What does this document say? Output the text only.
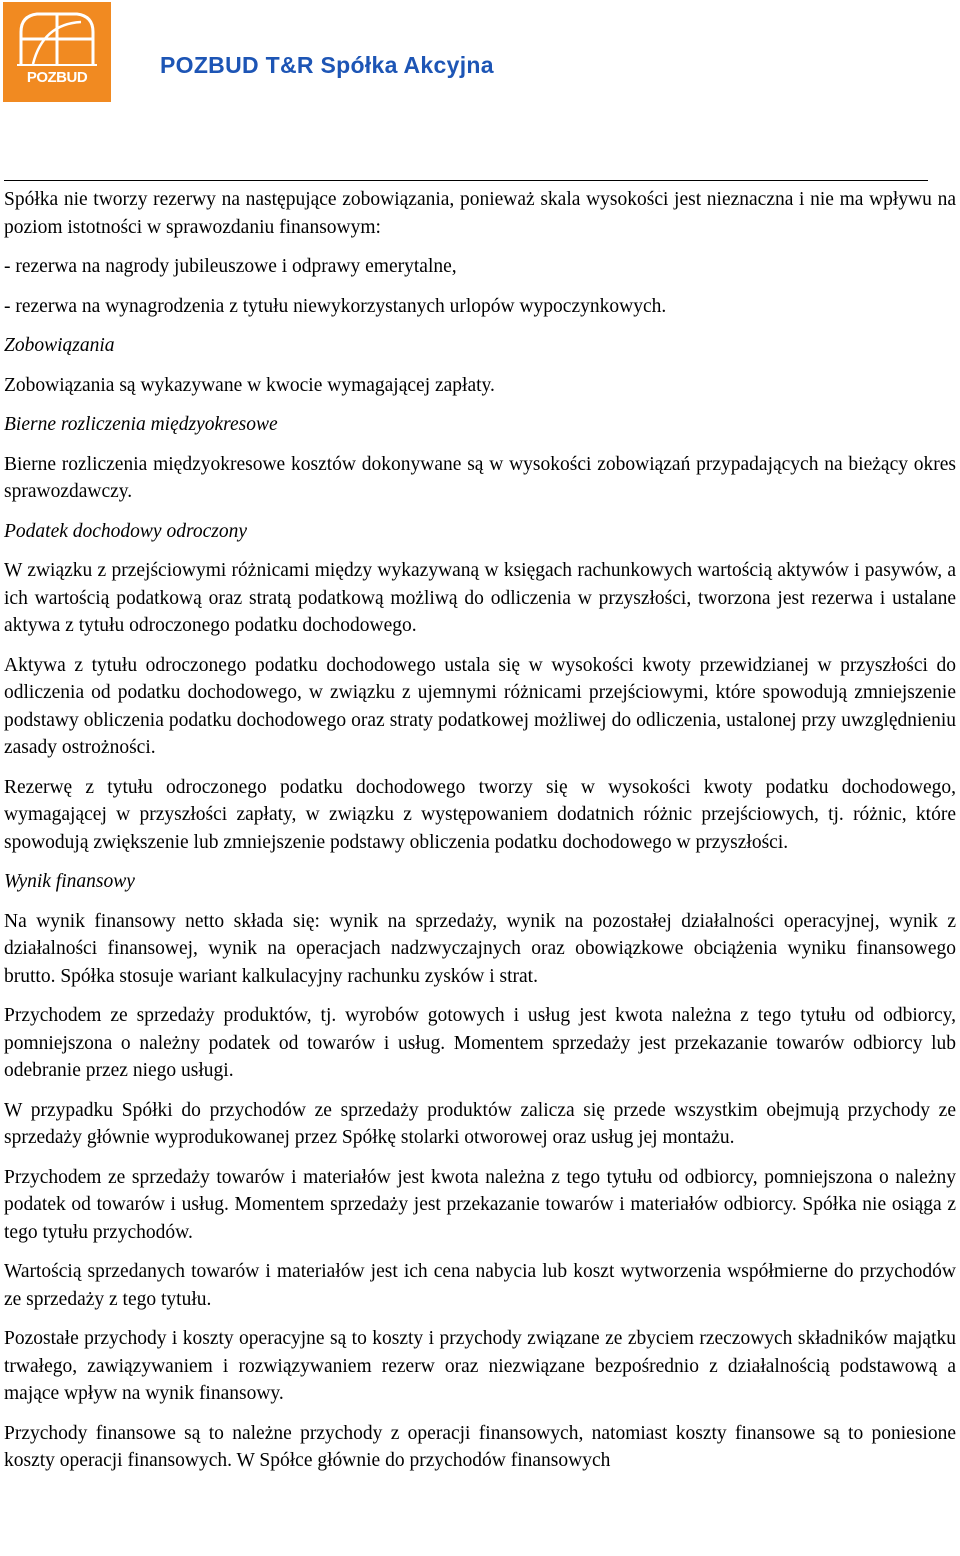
POZBUD	POZBUD T&R Spółka Akcyjna

Spółka nie tworzy rezerwy na następujące zobowiązania, ponieważ skala wysokości jest nieznaczna i nie ma wpływu na poziom istotności w sprawozdaniu finansowym:

- rezerwa na nagrody jubileuszowe i odprawy emerytalne,

- rezerwa na wynagrodzenia z tytułu niewykorzystanych urlopów wypoczynkowych.

Zobowiązania

Zobowiązania są wykazywane w kwocie wymagającej zapłaty.

Bierne rozliczenia międzyokresowe

Bierne rozliczenia międzyokresowe kosztów dokonywane są w wysokości zobowiązań przypadających na bieżący okres sprawozdawczy.

Podatek dochodowy odroczony

W związku z przejściowymi różnicami między wykazywaną w księgach rachunkowych wartością aktywów i pasywów, a ich wartością podatkową oraz stratą podatkową możliwą do odliczenia w przyszłości, tworzona jest rezerwa i ustalane aktywa z tytułu odroczonego podatku dochodowego.

Aktywa z tytułu odroczonego podatku dochodowego ustala się w wysokości kwoty przewidzianej w przyszłości do odliczenia od podatku dochodowego, w związku z ujemnymi różnicami przejściowymi, które spowodują zmniejszenie podstawy obliczenia podatku dochodowego oraz straty podatkowej możliwej do odliczenia, ustalonej przy uwzględnieniu zasady ostrożności.

Rezerwę z tytułu odroczonego podatku dochodowego tworzy się w wysokości kwoty podatku dochodowego, wymagającej w przyszłości zapłaty, w związku z występowaniem dodatnich różnic przejściowych, tj. różnic, które spowodują zwiększenie lub zmniejszenie podstawy obliczenia podatku dochodowego w przyszłości.

Wynik finansowy

Na wynik finansowy netto składa się: wynik na sprzedaży, wynik na pozostałej działalności operacyjnej, wynik z działalności finansowej, wynik na operacjach nadzwyczajnych oraz obowiązkowe obciążenia wyniku finansowego brutto. Spółka stosuje wariant kalkulacyjny rachunku zysków i strat.

Przychodem ze sprzedaży produktów, tj. wyrobów gotowych i usług jest kwota należna z tego tytułu od odbiorcy, pomniejszona o należny podatek od towarów i usług. Momentem sprzedaży jest przekazanie towarów odbiorcy lub odebranie przez niego usługi.

W przypadku Spółki do przychodów ze sprzedaży produktów zalicza się przede wszystkim obejmują przychody ze sprzedaży głównie wyprodukowanej przez Spółkę stolarki otworowej oraz usług jej montażu.

Przychodem ze sprzedaży towarów i materiałów jest kwota należna z tego tytułu od odbiorcy, pomniejszona o należny podatek od towarów i usług. Momentem sprzedaży jest przekazanie towarów i materiałów odbiorcy. Spółka nie osiąga z tego tytułu przychodów.

Wartością sprzedanych towarów i materiałów jest ich cena nabycia lub koszt wytworzenia współmierne do przychodów ze sprzedaży z tego tytułu.

Pozostałe przychody i koszty operacyjne są to koszty i przychody związane ze zbyciem rzeczowych składników majątku trwałego, zawiązywaniem i rozwiązywaniem rezerw oraz niezwiązane bezpośrednio z działalnością podstawową a mające wpływ na wynik finansowy.

Przychody finansowe są to należne przychody z operacji finansowych, natomiast koszty finansowe są to poniesione koszty operacji finansowych. W Spółce głównie do przychodów finansowych
